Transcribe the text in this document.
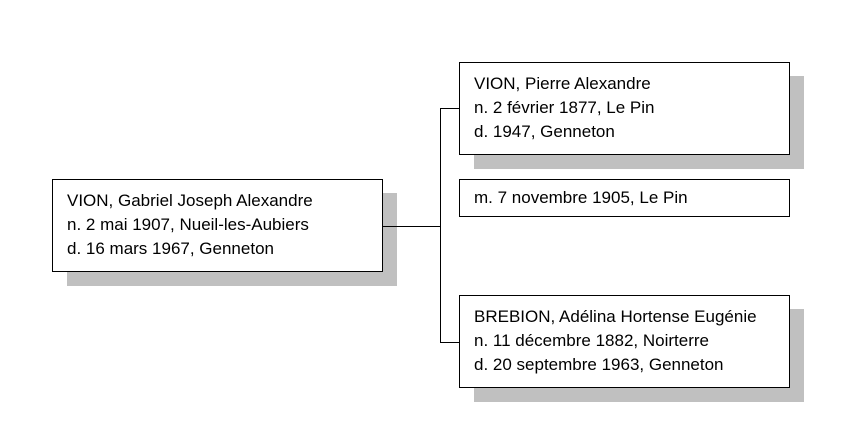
VION, Gabriel Joseph Alexandre
n. 2 mai 1907, Nueil-les-Aubiers
d. 16 mars 1967, Genneton
VION, Pierre Alexandre
n. 2 février 1877, Le Pin
d. 1947, Genneton
m. 7 novembre 1905, Le Pin
BREBION, Adélina Hortense Eugénie
n. 11 décembre 1882, Noirterre
d. 20 septembre 1963, Genneton
